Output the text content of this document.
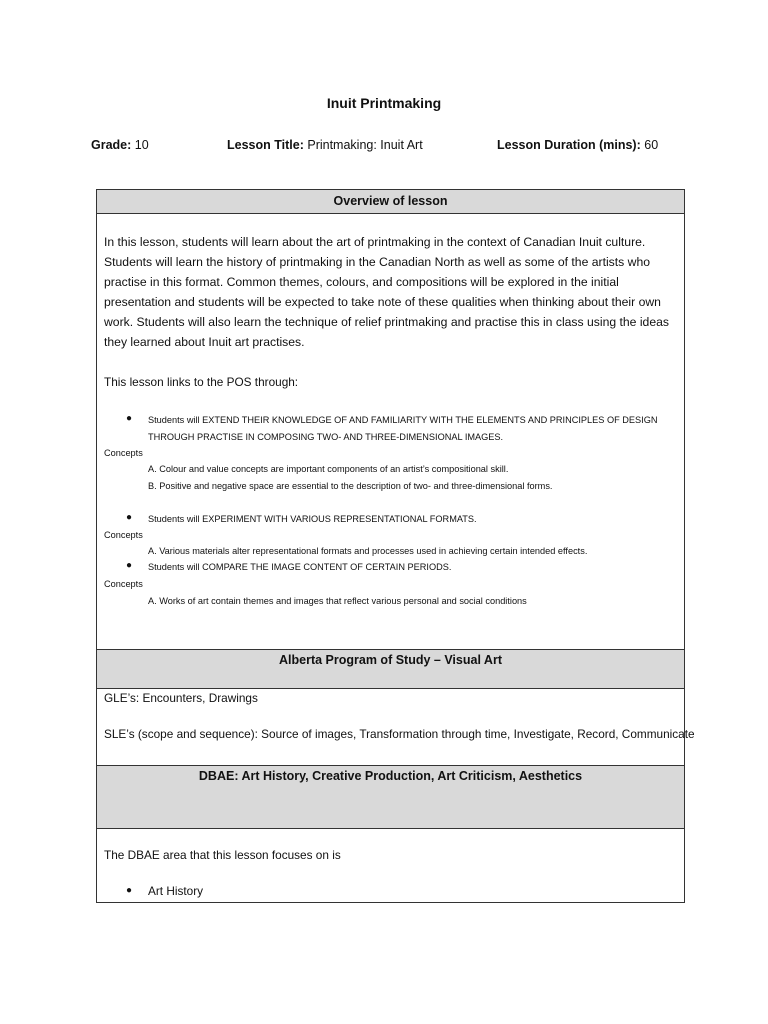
Inuit Printmaking
Grade: 10	Lesson Title: Printmaking: Inuit Art	Lesson Duration (mins): 60
Overview of lesson
In this lesson, students will learn about the art of printmaking in the context of Canadian Inuit culture. Students will learn the history of printmaking in the Canadian North as well as some of the artists who practise in this format. Common themes, colours, and compositions will be explored in the initial presentation and students will be expected to take note of these qualities when thinking about their own work. Students will also learn the technique of relief printmaking and practise this in class using the ideas they learned about Inuit art practises.
This lesson links to the POS through:
● Students will EXTEND THEIR KNOWLEDGE OF AND FAMILIARITY WITH THE ELEMENTS AND PRINCIPLES OF DESIGN
THROUGH PRACTISE IN COMPOSING TWO- AND THREE-DIMENSIONAL IMAGES.
Concepts
A. Colour and value concepts are important components of an artist’s compositional skill.
B. Positive and negative space are essential to the description of two- and three-dimensional forms.
● Students will EXPERIMENT WITH VARIOUS REPRESENTATIONAL FORMATS.
Concepts
A. Various materials alter representational formats and processes used in achieving certain intended effects.
● Students will COMPARE THE IMAGE CONTENT OF CERTAIN PERIODS.
Concepts
A. Works of art contain themes and images that reflect various personal and social conditions
Alberta Program of Study – Visual Art
GLE’s: Encounters, Drawings
SLE’s (scope and sequence): Source of images, Transformation through time, Investigate, Record, Communicate
DBAE: Art History, Creative Production, Art Criticism, Aesthetics
The DBAE area that this lesson focuses on is
● Art History
